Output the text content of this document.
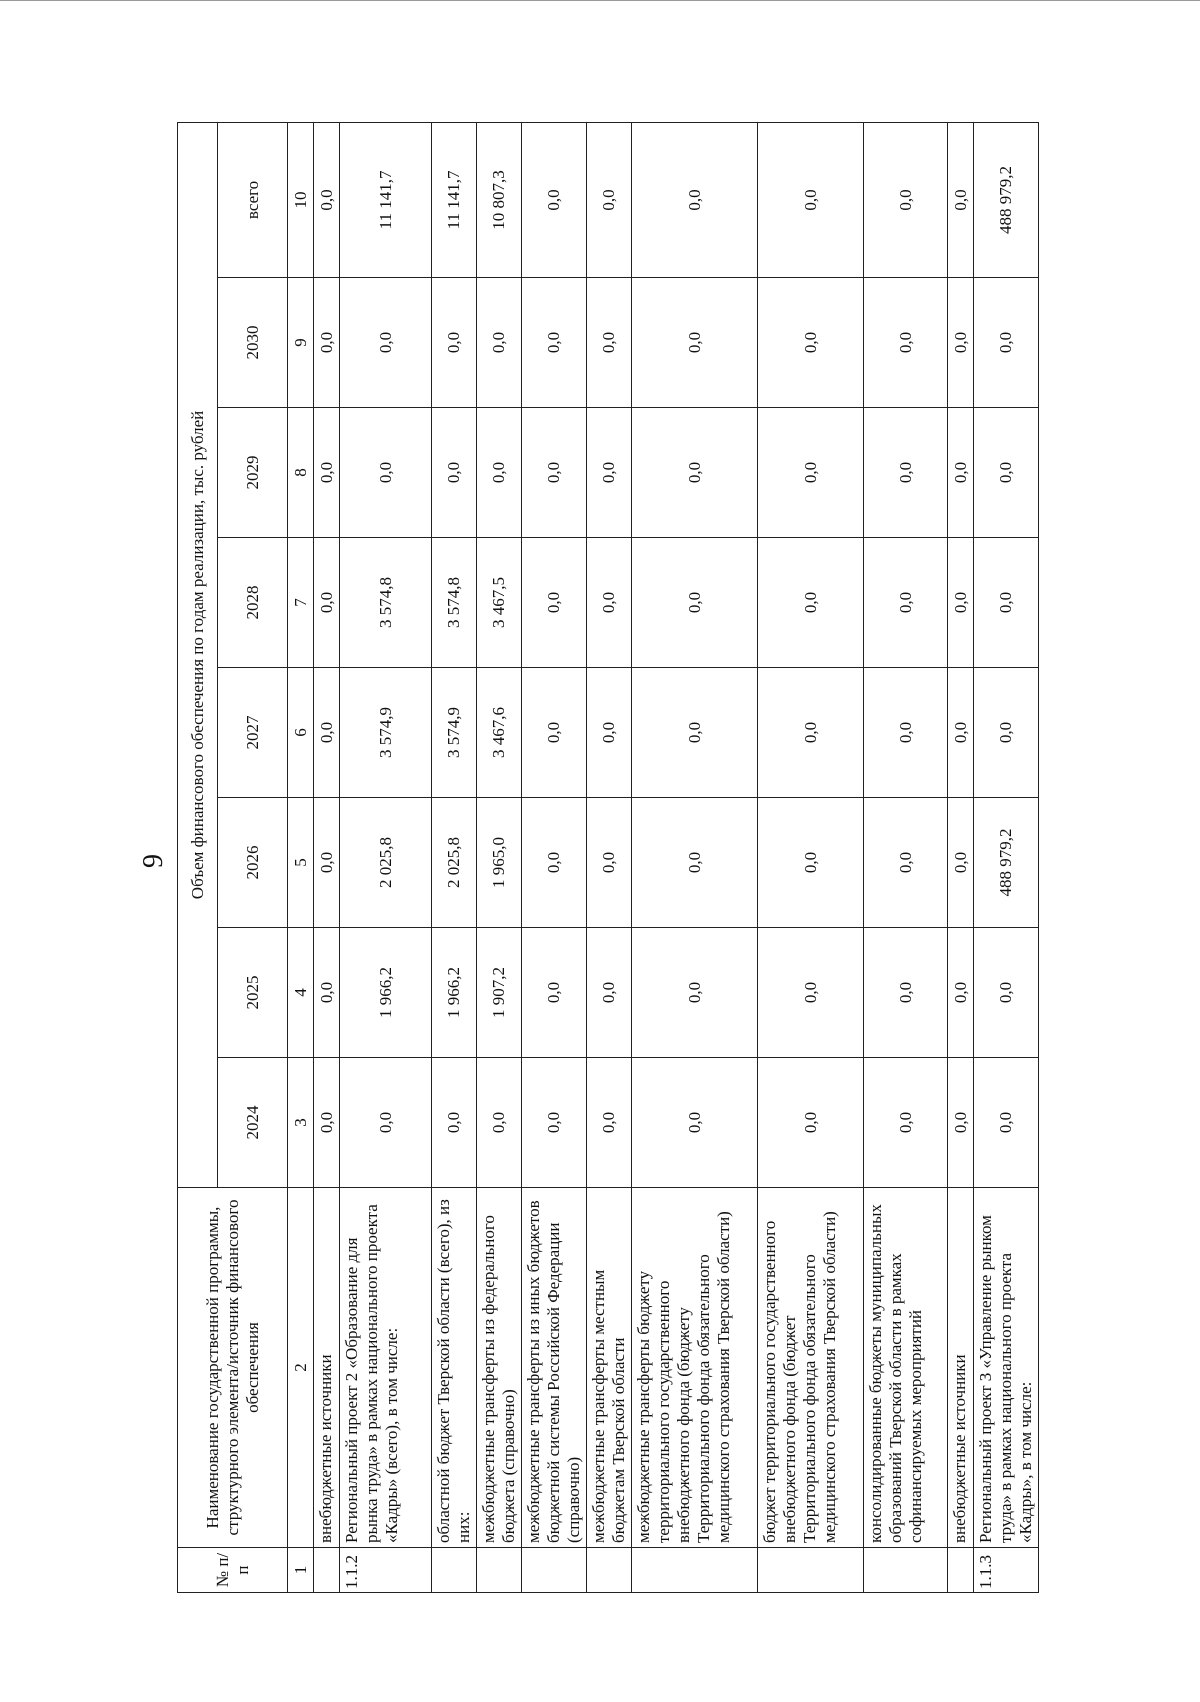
9
№ п/п	Наименование государственной программы, структурного элемента/источник финансового обеспечения	Объем финансового обеспечения по годам реализации, тыс. рублей							
		2024	2025	2026	2027	2028	2029	2030	всего
1	2	3	4	5	6	7	8	9	10
	внебюджетные источники	0,0	0,0	0,0	0,0	0,0	0,0	0,0	0,0
1.1.2	Региональный проект 2 «Образование для рынка труда» в рамках национального проекта «Кадры» (всего), в том числе:	0,0	1 966,2	2 025,8	3 574,9	3 574,8	0,0	0,0	11 141,7
	областной бюджет Тверской области (всего), из них:	0,0	1 966,2	2 025,8	3 574,9	3 574,8	0,0	0,0	11 141,7
	межбюджетные трансферты из федерального бюджета (справочно)	0,0	1 907,2	1 965,0	3 467,6	3 467,5	0,0	0,0	10 807,3
	межбюджетные трансферты из иных бюджетов бюджетной системы Российской Федерации (справочно)	0,0	0,0	0,0	0,0	0,0	0,0	0,0	0,0
	межбюджетные трансферты местным бюджетам Тверской области	0,0	0,0	0,0	0,0	0,0	0,0	0,0	0,0
	межбюджетные трансферты бюджету территориального государственного внебюджетного фонда (бюджету Территориального фонда обязательного медицинского страхования Тверской области)	0,0	0,0	0,0	0,0	0,0	0,0	0,0	0,0
	бюджет территориального государственного внебюджетного фонда (бюджет Территориального фонда обязательного медицинского страхования Тверской области)	0,0	0,0	0,0	0,0	0,0	0,0	0,0	0,0
	консолидированные бюджеты муниципальных образований Тверской области в рамках софинансируемых мероприятий	0,0	0,0	0,0	0,0	0,0	0,0	0,0	0,0
	внебюджетные источники	0,0	0,0	0,0	0,0	0,0	0,0	0,0	0,0
1.1.3	Региональный проект 3 «Управление рынком труда» в рамках национального проекта «Кадры», в том числе:	0,0	0,0	488 979,2	0,0	0,0	0,0	0,0	488 979,2
